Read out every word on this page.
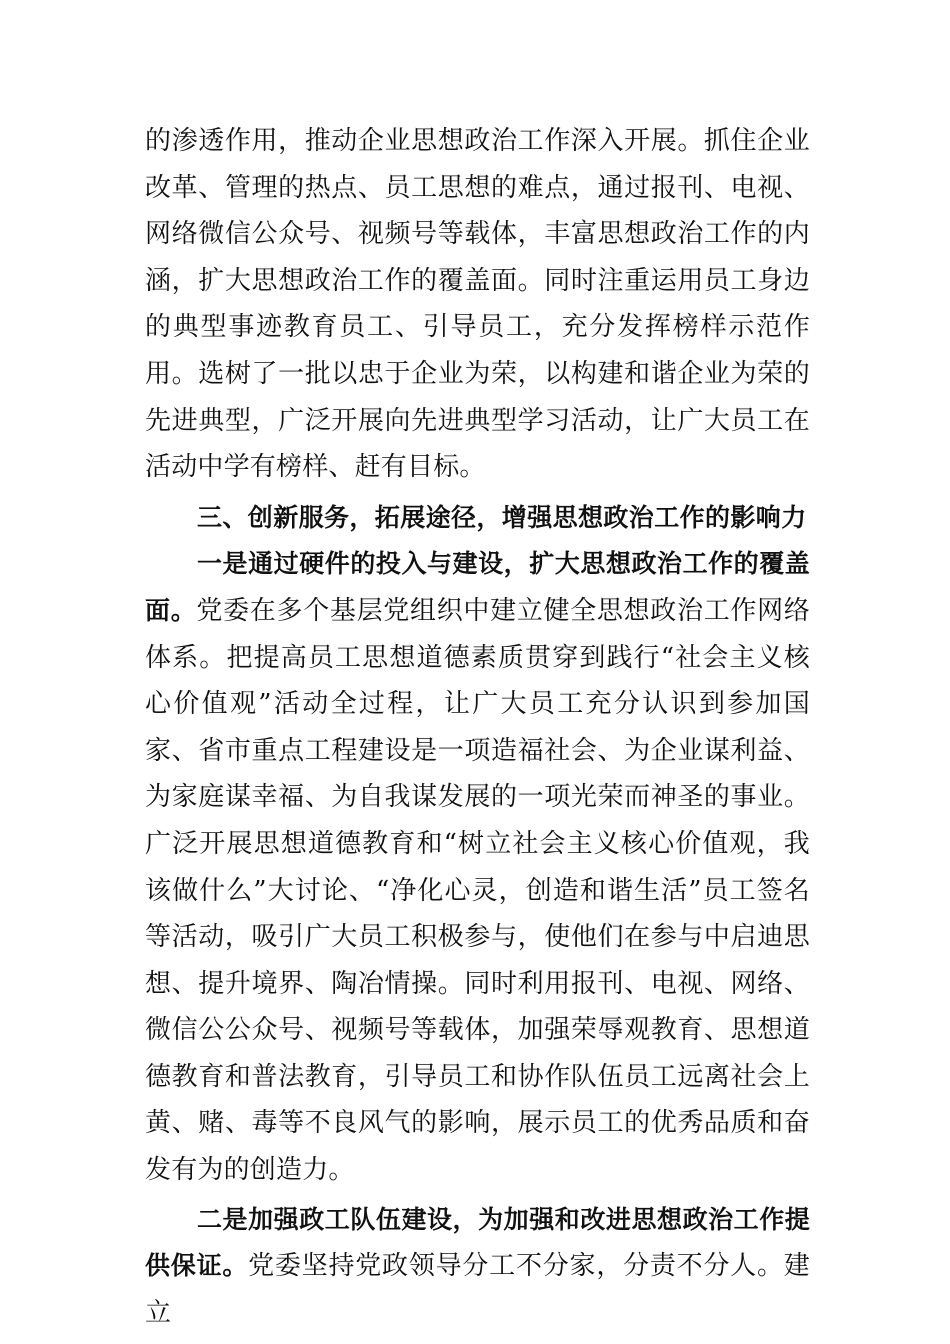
的渗透作用，推动企业思想政治工作深入开展。抓住企业改革、管理的热点、员工思想的难点，通过报刊、电视、网络微信公众号、视频号等载体，丰富思想政治工作的内涵，扩大思想政治工作的覆盖面。同时注重运用员工身边的典型事迹教育员工、引导员工，充分发挥榜样示范作用。选树了一批以忠于企业为荣，以构建和谐企业为荣的先进典型，广泛开展向先进典型学习活动，让广大员工在活动中学有榜样、赶有目标。

三、创新服务，拓展途径，增强思想政治工作的影响力

一是通过硬件的投入与建设，扩大思想政治工作的覆盖面。党委在多个基层党组织中建立健全思想政治工作网络体系。把提高员工思想道德素质贯穿到践行“社会主义核心价值观”活动全过程，让广大员工充分认识到参加国家、省市重点工程建设是一项造福社会、为企业谋利益、为家庭谋幸福、为自我谋发展的一项光荣而神圣的事业。广泛开展思想道德教育和“树立社会主义核心价值观，我该做什么”大讨论、“净化心灵，创造和谐生活”员工签名等活动，吸引广大员工积极参与，使他们在参与中启迪思想、提升境界、陶冶情操。同时利用报刊、电视、网络、微信公公众号、视频号等载体，加强荣辱观教育、思想道德教育和普法教育，引导员工和协作队伍员工远离社会上黄、赌、毒等不良风气的影响，展示员工的优秀品质和奋发有为的创造力。

二是加强政工队伍建设，为加强和改进思想政治工作提供保证。党委坚持党政领导分工不分家，分责不分人。建立
